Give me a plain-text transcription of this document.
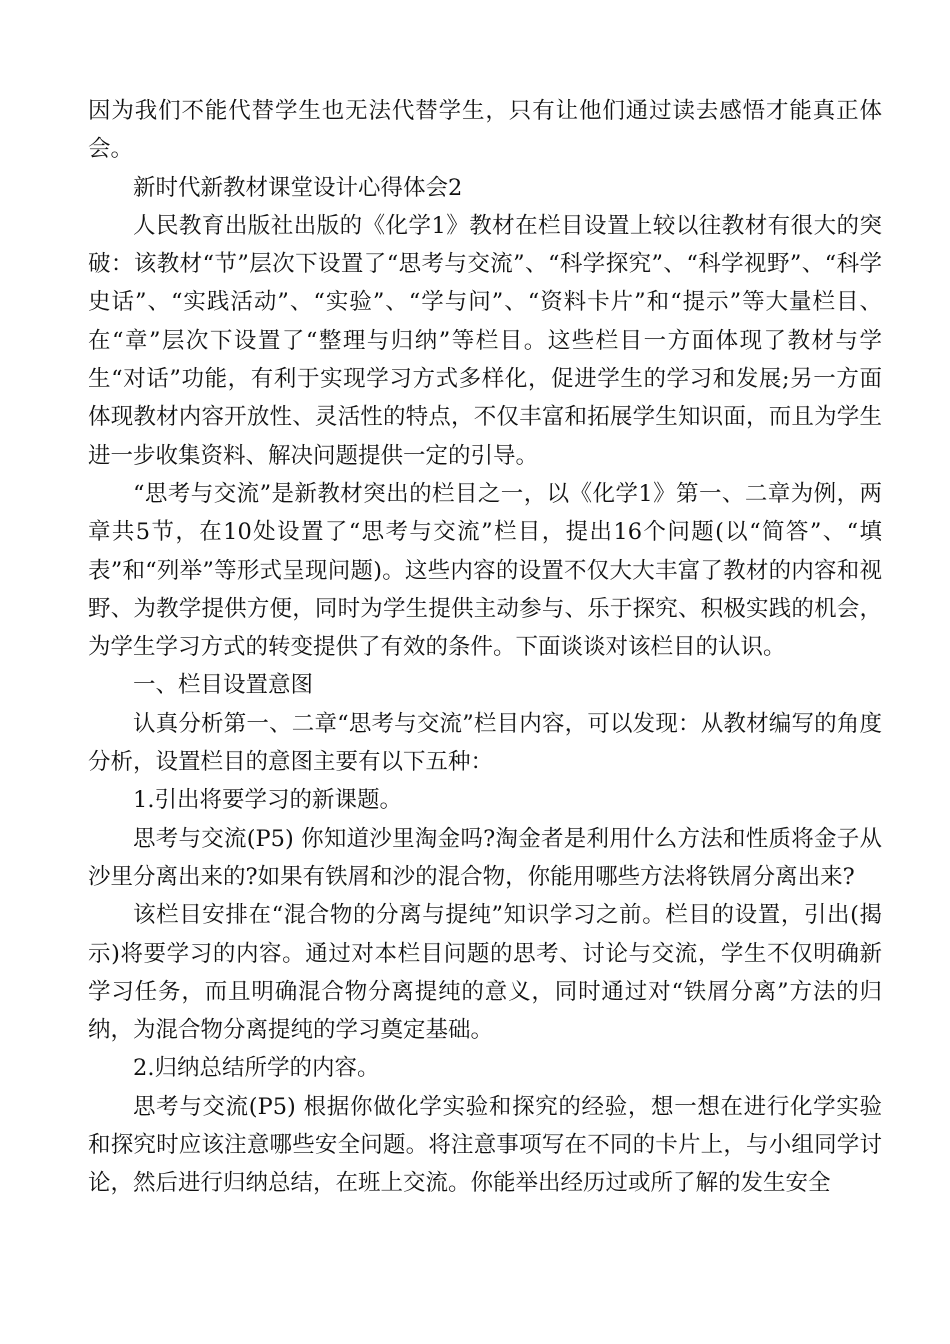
因为我们不能代替学生也无法代替学生，只有让他们通过读去感悟才能真正体会。

新时代新教材课堂设计心得体会2

人民教育出版社出版的《化学1》教材在栏目设置上较以往教材有很大的突破：该教材“节”层次下设置了“思考与交流”、“科学探究”、“科学视野”、“科学史话”、“实践活动”、“实验”、“学与问”、“资料卡片”和“提示”等大量栏目、在“章”层次下设置了“整理与归纳”等栏目。这些栏目一方面体现了教材与学生“对话”功能，有利于实现学习方式多样化，促进学生的学习和发展;另一方面体现教材内容开放性、灵活性的特点，不仅丰富和拓展学生知识面，而且为学生进一步收集资料、解决问题提供一定的引导。

“思考与交流”是新教材突出的栏目之一，以《化学1》第一、二章为例，两章共5节，在10处设置了“思考与交流”栏目，提出16个问题(以“简答”、“填表”和“列举”等形式呈现问题)。这些内容的设置不仅大大丰富了教材的内容和视野、为教学提供方便，同时为学生提供主动参与、乐于探究、积极实践的机会，为学生学习方式的转变提供了有效的条件。下面谈谈对该栏目的认识。

一、栏目设置意图

认真分析第一、二章“思考与交流”栏目内容，可以发现：从教材编写的角度分析，设置栏目的意图主要有以下五种：

1.引出将要学习的新课题。

思考与交流(P5) 你知道沙里淘金吗?淘金者是利用什么方法和性质将金子从沙里分离出来的?如果有铁屑和沙的混合物，你能用哪些方法将铁屑分离出来?

该栏目安排在“混合物的分离与提纯”知识学习之前。栏目的设置，引出(揭示)将要学习的内容。通过对本栏目问题的思考、讨论与交流，学生不仅明确新学习任务，而且明确混合物分离提纯的意义，同时通过对“铁屑分离”方法的归纳，为混合物分离提纯的学习奠定基础。

2.归纳总结所学的内容。

思考与交流(P5) 根据你做化学实验和探究的经验，想一想在进行化学实验和探究时应该注意哪些安全问题。将注意事项写在不同的卡片上，与小组同学讨论，然后进行归纳总结，在班上交流。你能举出经历过或所了解的发生安全
